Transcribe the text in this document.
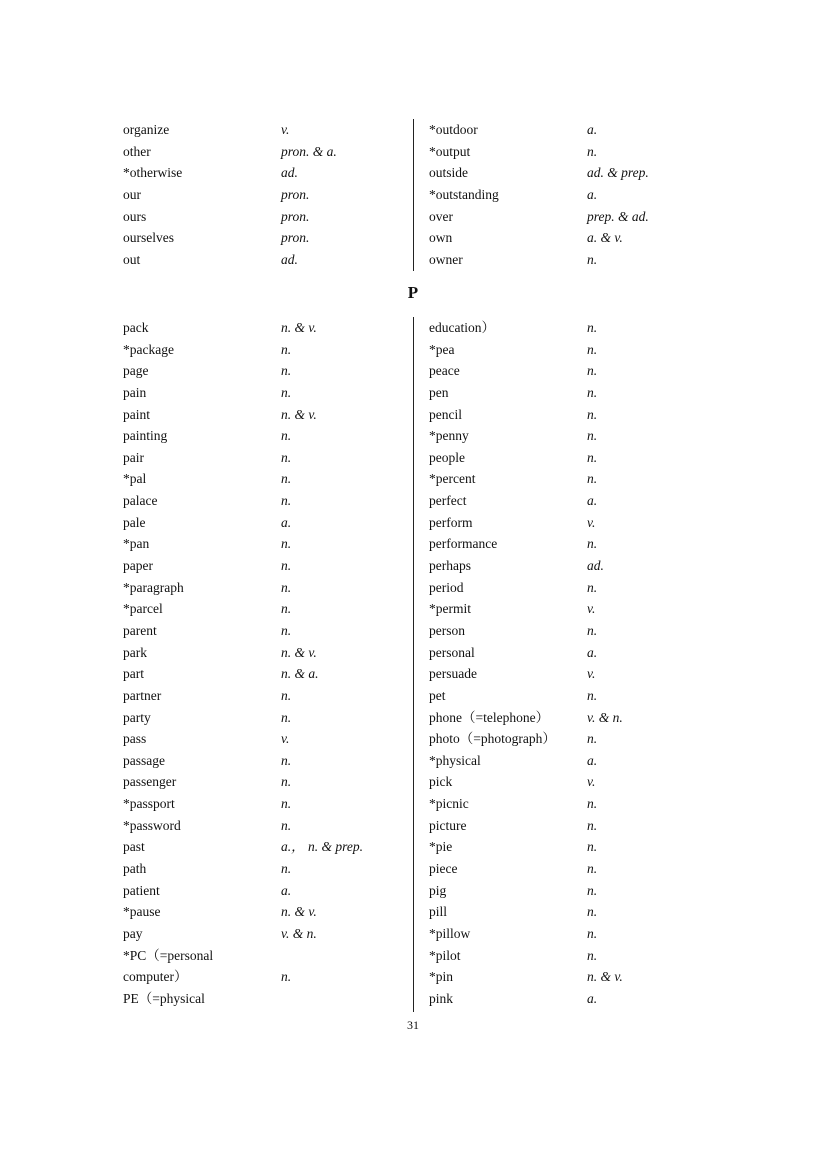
organize	v.
other	pron. & a.
*otherwise	ad.
our	pron.
ours	pron.
ourselves	pron.
out	ad.
*outdoor	a.
*output	n.
outside	ad. & prep.
*outstanding	a.
over	prep. & ad.
own	a. & v.
owner	n.
P
pack	n. & v.
*package	n.
page	n.
pain	n.
paint	n. & v.
painting	n.
pair	n.
*pal	n.
palace	n.
pale	a.
*pan	n.
paper	n.
*paragraph	n.
*parcel	n.
parent	n.
park	n. & v.
part	n. & a.
partner	n.
party	n.
pass	v.
passage	n.
passenger	n.
*passport	n.
*password	n.
past	a.， n. & prep.
path	n.
patient	a.
*pause	n. & v.
pay	v. & n.
*PC（=personal
computer）	n.
PE（=physical
education）	n.
*pea	n.
peace	n.
pen	n.
pencil	n.
*penny	n.
people	n.
*percent	n.
perfect	a.
perform	v.
performance	n.
perhaps	ad.
period	n.
*permit	v.
person	n.
personal	a.
persuade	v.
pet	n.
phone（=telephone）	v. & n.
photo（=photograph） n.
*physical	a.
pick	v.
*picnic	n.
picture	n.
*pie	n.
piece	n.
pig	n.
pill	n.
*pillow	n.
*pilot	n.
*pin	n. & v.
pink	a.
31
